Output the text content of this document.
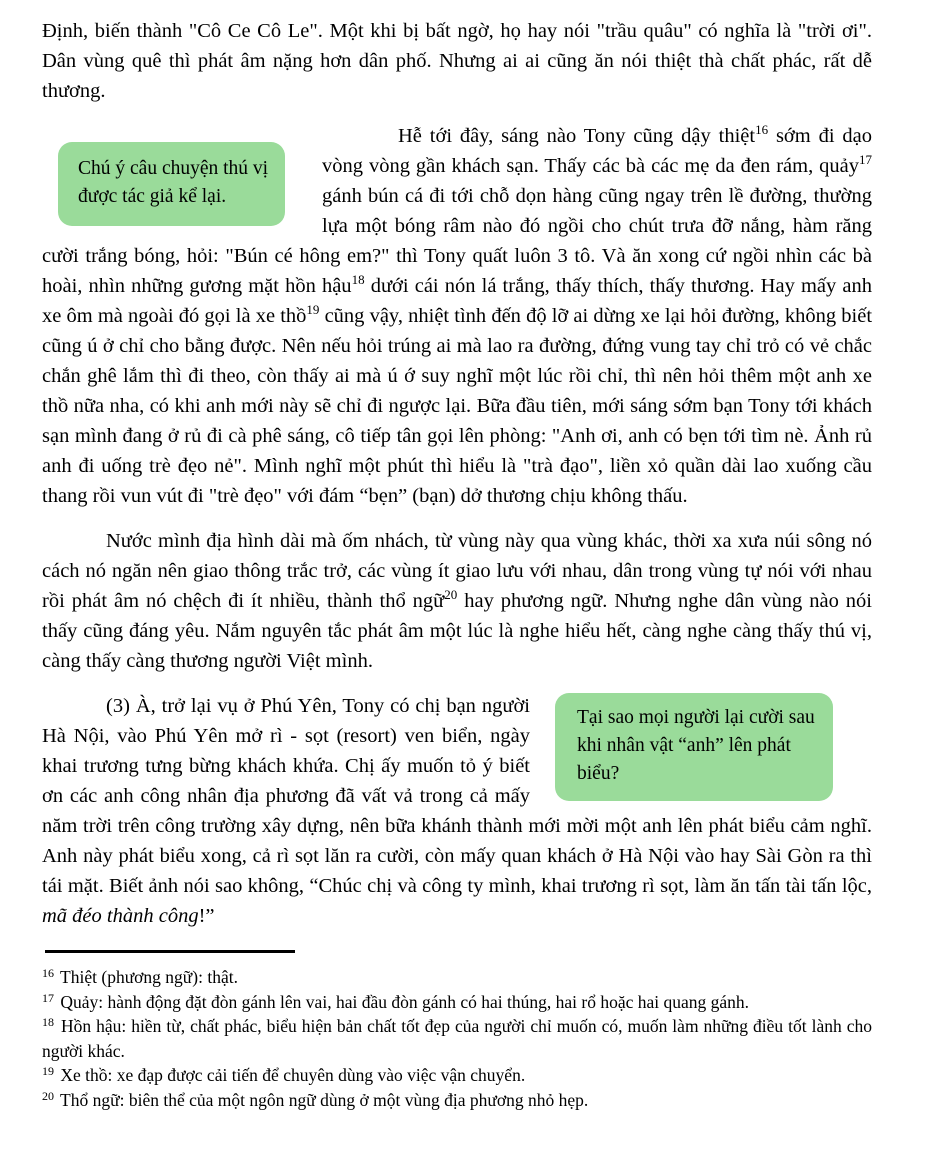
Định, biến thành "Cô Ce Cô Le". Một khi bị bất ngờ, họ hay nói "trầu quâu" có nghĩa là "trời ơi". Dân vùng quê thì phát âm nặng hơn dân phố. Nhưng ai ai cũng ăn nói thiệt thà chất phác, rất dễ thương.

Chú ý câu chuyện thú vị được tác giả kể lại.
Hễ tới đây, sáng nào Tony cũng dậy thiệt$^{16}$ sớm đi dạo vòng vòng gần khách sạn. Thấy các bà các mẹ da đen rám, quảy$^{17}$ gánh bún cá đi tới chỗ dọn hàng cũng ngay trên lề đường, thường lựa một bóng râm nào đó ngồi cho chút trưa đỡ nắng, hàm răng cười trắng bóng, hỏi: "Bún cé hông em?" thì Tony quất luôn 3 tô. Và ăn xong cứ ngồi nhìn các bà hoài, nhìn những gương mặt hồn hậu$^{18}$ dưới cái nón lá trắng, thấy thích, thấy thương. Hay mấy anh xe ôm mà ngoài đó gọi là xe thồ$^{19}$ cũng vậy, nhiệt tình đến độ lỡ ai dừng xe lại hỏi đường, không biết cũng ú ở chỉ cho bằng được. Nên nếu hỏi trúng ai mà lao ra đường, đứng vung tay chỉ trỏ có vẻ chắc chắn ghê lắm thì đi theo, còn thấy ai mà ú ớ suy nghĩ một lúc rồi chỉ, thì nên hỏi thêm một anh xe thồ nữa nha, có khi anh mới này sẽ chỉ đi ngược lại. Bữa đầu tiên, mới sáng sớm bạn Tony tới khách sạn mình đang ở rủ đi cà phê sáng, cô tiếp tân gọi lên phòng: "Anh ơi, anh có bẹn tới tìm nè. Ảnh rủ anh đi uống trè đẹo nẻ". Mình nghĩ một phút thì hiểu là "trà đạo", liền xỏ quần dài lao xuống cầu thang rồi vun vút đi "trè đẹo" với đám “bẹn” (bạn) dở thương chịu không thấu.

Nước mình địa hình dài mà ốm nhách, từ vùng này qua vùng khác, thời xa xưa núi sông nó cách nó ngăn nên giao thông trắc trở, các vùng ít giao lưu với nhau, dân trong vùng tự nói với nhau rồi phát âm nó chệch đi ít nhiều, thành thổ ngữ$^{20}$ hay phương ngữ. Nhưng nghe dân vùng nào nói thấy cũng đáng yêu. Nắm nguyên tắc phát âm một lúc là nghe hiểu hết, càng nghe càng thấy thú vị, càng thấy càng thương người Việt mình.

Tại sao mọi người lại cười sau khi nhân vật “anh” lên phát biểu?
(3) À, trở lại vụ ở Phú Yên, Tony có chị bạn người Hà Nội, vào Phú Yên mở rì - sọt (resort) ven biển, ngày khai trương tưng bừng khách khứa. Chị ấy muốn tỏ ý biết ơn các anh công nhân địa phương đã vất vả trong cả mấy năm trời trên công trường xây dựng, nên bữa khánh thành mới mời một anh lên phát biểu cảm nghĩ. Anh này phát biểu xong, cả rì sọt lăn ra cười, còn mấy quan khách ở Hà Nội vào hay Sài Gòn ra thì tái mặt. Biết ảnh nói sao không, “Chúc chị và công ty mình, khai trương rì sọt, làm ăn tấn tài tấn lộc, mã đéo thành công!”

$^{16}$ Thiệt (phương ngữ): thật.
$^{17}$ Quảy: hành động đặt đòn gánh lên vai, hai đầu đòn gánh có hai thúng, hai rổ hoặc hai quang gánh.
$^{18}$ Hồn hậu: hiền từ, chất phác, biểu hiện bản chất tốt đẹp của người chỉ muốn có, muốn làm những điều tốt lành cho người khác.
$^{19}$ Xe thồ: xe đạp được cải tiến để chuyên dùng vào việc vận chuyển.
$^{20}$ Thổ ngữ: biên thể của một ngôn ngữ dùng ở một vùng địa phương nhỏ hẹp.
